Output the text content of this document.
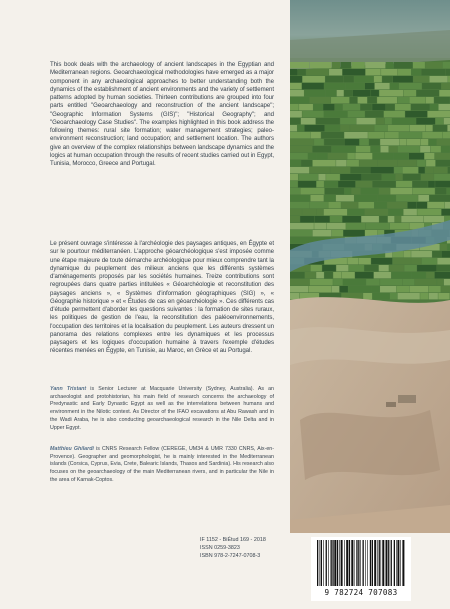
This book deals with the archaeology of ancient landscapes in the Egyptian and Mediterranean regions. Geoarchaeological methodologies have emerged as a major component in any archaeological approaches to better understanding both the dynamics of the establishment of ancient environments and the variety of settlement patterns adopted by human societies. Thirteen contributions are grouped into four parts entitled "Geoarchaeology and reconstruction of the ancient landscape"; "Geographic Information Systems (GIS)"; "Historical Geography"; and "Geoarchaeology Case Studies". The examples highlighted in this book address the following themes: rural site formation; water management strategies; paleo-environment reconstruction; land occupation; and settlement location. The authors give an overview of the complex relationships between landscape dynamics and the logics at human occupation through the results of recent studies carried out in Egypt, Tunisia, Morocco, Greece and Portugal.
Le présent ouvrage s'intéresse à l'archéologie des paysages antiques, en Égypte et sur le pourtour méditerranéen. L'approche géoarchéologique s'est imposée comme une étape majeure de toute démarche archéologique pour mieux comprendre tant la dynamique du peuplement des milieux anciens que les différents systèmes d'aménagements proposés par les sociétés humaines. Treize contributions sont regroupées dans quatre parties intitulées « Géoarchéologie et reconstitution des paysages anciens », « Systèmes d'information géographiques (SIG) », « Géographie historique » et « Études de cas en géoarchéologie ». Ces différents cas d'étude permettent d'aborder les questions suivantes : la formation de sites ruraux, les politiques de gestion de l'eau, la reconstitution des paléoenvironnements, l'occupation des territoires et la localisation du peuplement. Les auteurs dressent un panorama des relations complexes entre les dynamiques et les processus paysagers et les logiques d'occupation humaine à travers l'exemple d'études récentes menées en Égypte, en Tunisie, au Maroc, en Grèce et au Portugal.
Yann Tristant is Senior Lecturer at Macquarie University (Sydney, Australia). As an archaeologist and protohistorian, his main field of research concerns the archaeology of Predynastic and Early Dynastic Egypt as well as the interrelations between humans and environment in the Nilotic context. As Director of the IFAO excavations at Abu Rawash and in the Wadi Araba, he is also conducting geoarchaeological research in the Nile Delta and in Upper Egypt.
Matthieu Ghilardi is CNRS Research Fellow (CEREGE, UM34 & UMR 7330 CNRS, Aix-en-Provence). Geographer and geomorphologist, he is mainly interested in the Mediterranean islands (Corsica, Cyprus, Evia, Crete, Balearic Islands, Thasos and Sardinia). His research also focuses on the geoarchaeology of the main Mediterranean rivers, and in particular the Nile in the area of Karnak-Coptos.
IF 1152 - BiÉtud 169 - 2018
ISSN 0259-3823
ISBN 978-2-7247-0708-3
9 782724 707083
